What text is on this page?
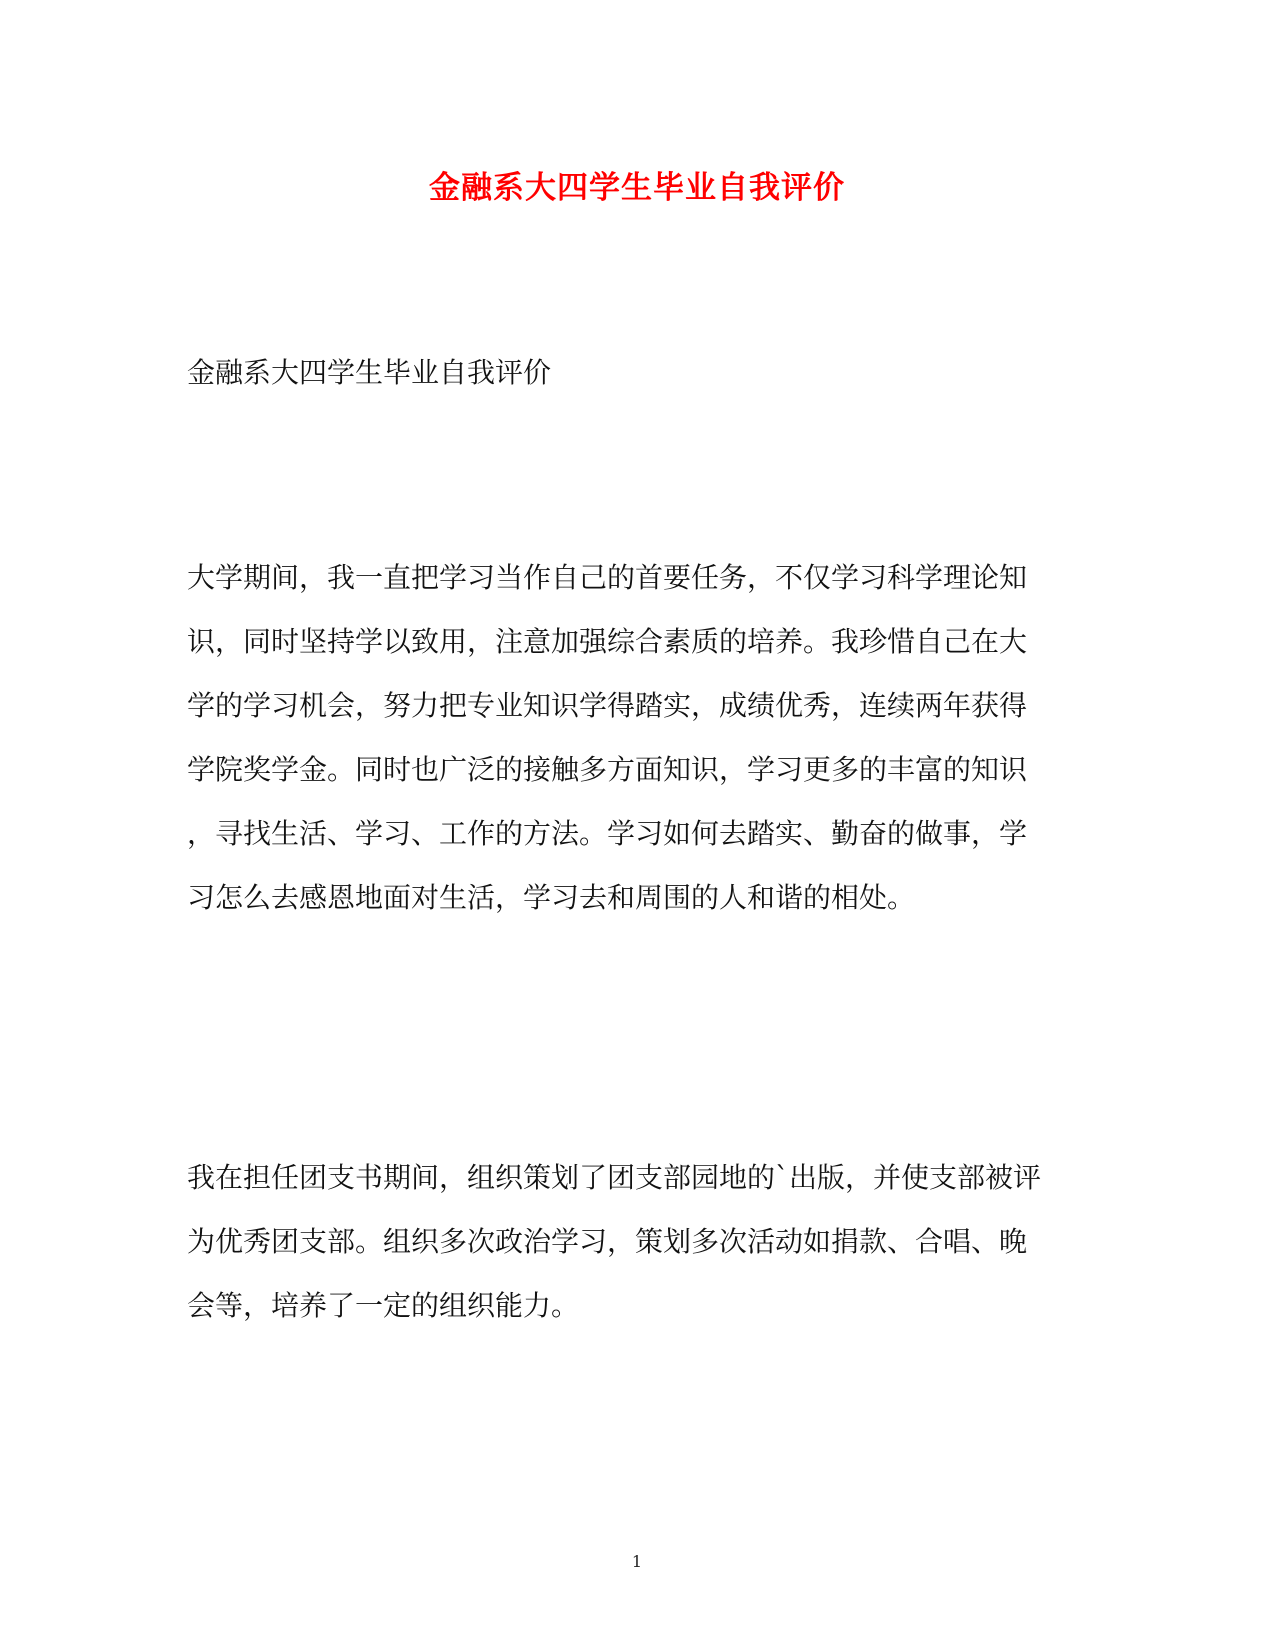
金融系大四学生毕业自我评价
金融系大四学生毕业自我评价
大学期间，我一直把学习当作自己的首要任务，不仅学习科学理论知
识，同时坚持学以致用，注意加强综合素质的培养。我珍惜自己在大
学的学习机会，努力把专业知识学得踏实，成绩优秀，连续两年获得
学院奖学金。同时也广泛的接触多方面知识，学习更多的丰富的知识
，寻找生活、学习、工作的方法。学习如何去踏实、勤奋的做事，学
习怎么去感恩地面对生活，学习去和周围的人和谐的相处。
我在担任团支书期间，组织策划了团支部园地的`出版，并使支部被评
为优秀团支部。组织多次政治学习，策划多次活动如捐款、合唱、晚
会等，培养了一定的组织能力。
1
